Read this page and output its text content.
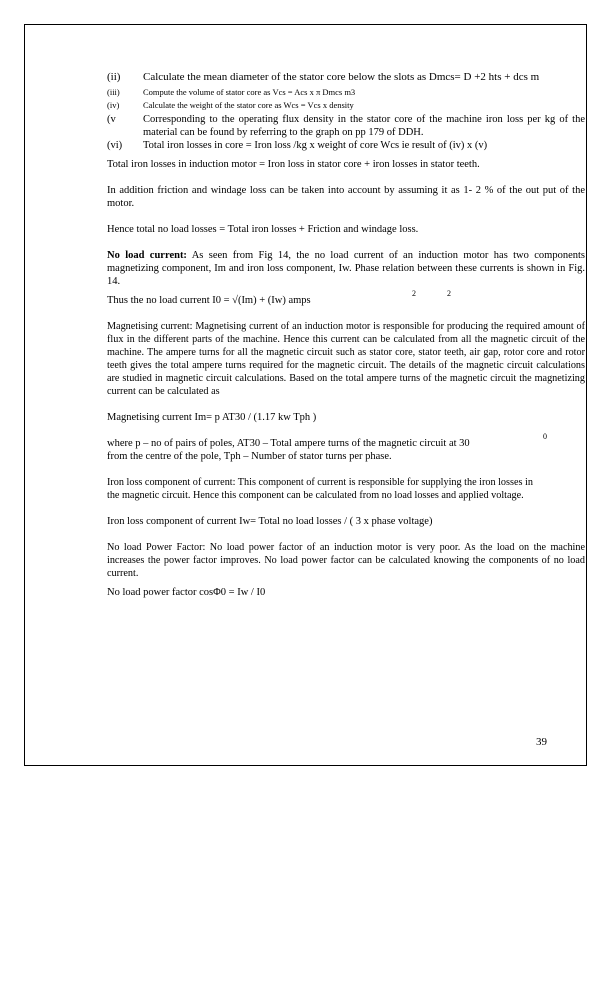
(ii) Calculate the mean diameter of the stator core below the slots as Dmcs= D +2 hts + dcs m
(iii)	Compute the volume of stator core as Vcs = Acs x π Dmcs m3
(iv)	Calculate the weight of the stator core as Wcs = Vcs x density
(v	Corresponding to the operating flux density in the stator core of the machine iron loss per kg of the material can be found by referring to the graph on pp 179 of DDH.
(vi) Total iron losses in core = Iron loss /kg x weight of core Wcs ie result of (iv) x (v)

Total iron losses in induction motor = Iron loss in stator core + iron losses in stator teeth.

In addition friction and windage loss can be taken into account by assuming it as 1- 2 % of the out put of the motor.

Hence total no load losses = Total iron losses + Friction and windage loss.

No load current: As seen from Fig 14, the no load current of an induction motor has two components magnetizing component, Im and iron loss component, Iw. Phase relation between these currents is shown in Fig. 14.

Thus the no load current I0 = √(Im) + (Iw) amps
2	2

Magnetising current: Magnetising current of an induction motor is responsible for producing the required amount of flux in the different parts of the machine. Hence this current can be calculated from all the magnetic circuit of the machine. The ampere turns for all the magnetic circuit such as stator core, stator teeth, air gap, rotor core and rotor teeth gives the total ampere turns required for the magnetic circuit. The details of the magnetic circuit calculations are studied in magnetic circuit calculations. Based on the total ampere turns of the magnetic circuit the magnetizing current can be calculated as

Magnetising current Im= p AT30 / (1.17 kw Tph )

where p – no of pairs of poles, AT30 – Total ampere turns of the magnetic circuit at 30
0

from the centre of the pole, Tph – Number of stator turns per phase.

Iron loss component of current: This component of current is responsible for supplying the iron losses in the magnetic circuit. Hence this component can be calculated from no load losses and applied voltage.

Iron loss component of current Iw= Total no load losses / ( 3 x phase voltage)

No load Power Factor: No load power factor of an induction motor is very poor. As the load on the machine increases the power factor improves. No load power factor can be calculated knowing the components of no load current.

No load power factor cosΦ0 = Iw / I0

39
